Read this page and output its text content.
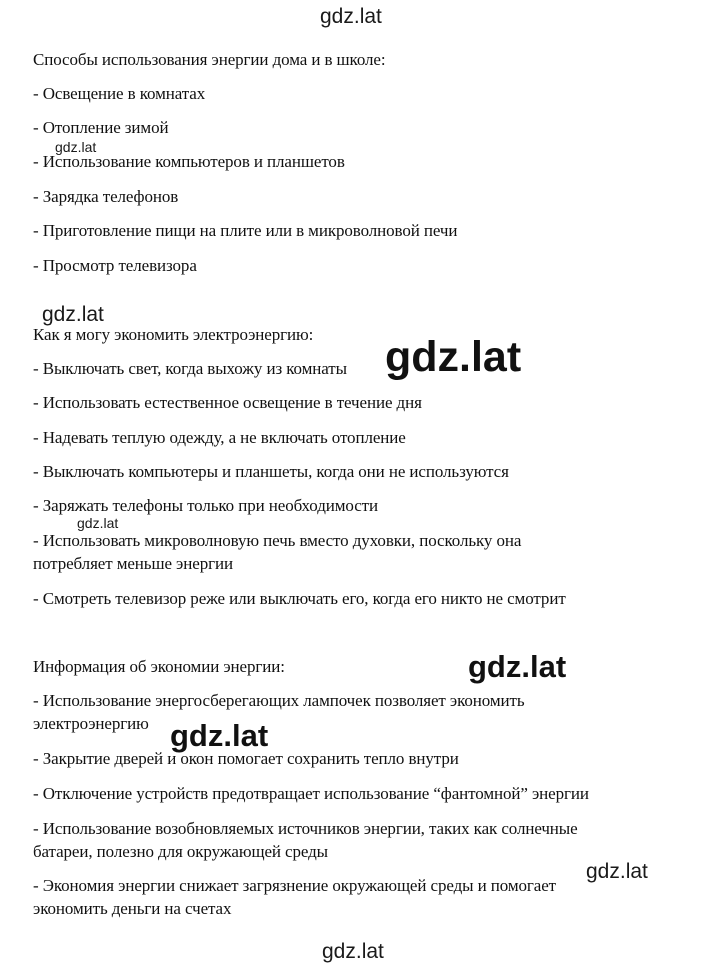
Способы использования энергии дома и в школе:
- Освещение в комнатах
- Отопление зимой
- Использование компьютеров и планшетов
- Зарядка телефонов
- Приготовление пищи на плите или в микроволновой печи
- Просмотр телевизора
Как я могу экономить электроэнергию:
- Выключать свет, когда выхожу из комнаты
- Использовать естественное освещение в течение дня
- Надевать теплую одежду, а не включать отопление
- Выключать компьютеры и планшеты, когда они не используются
- Заряжать телефоны только при необходимости
- Использовать микроволновую печь вместо духовки, поскольку она
потребляет меньше энергии
- Смотреть телевизор реже или выключать его, когда его никто не смотрит
Информация об экономии энергии:
- Использование энергосберегающих лампочек позволяет экономить
электроэнергию
- Закрытие дверей и окон помогает сохранить тепло внутри
- Отключение устройств предотвращает использование “фантомной” энергии
- Использование возобновляемых источников энергии, таких как солнечные
батареи, полезно для окружающей среды
- Экономия энергии снижает загрязнение окружающей среды и помогает
экономить деньги на счетах
gdz.lat
gdz.lat
gdz.lat
gdz.lat
gdz.lat
gdz.lat
gdz.lat
gdz.lat
gdz.lat
